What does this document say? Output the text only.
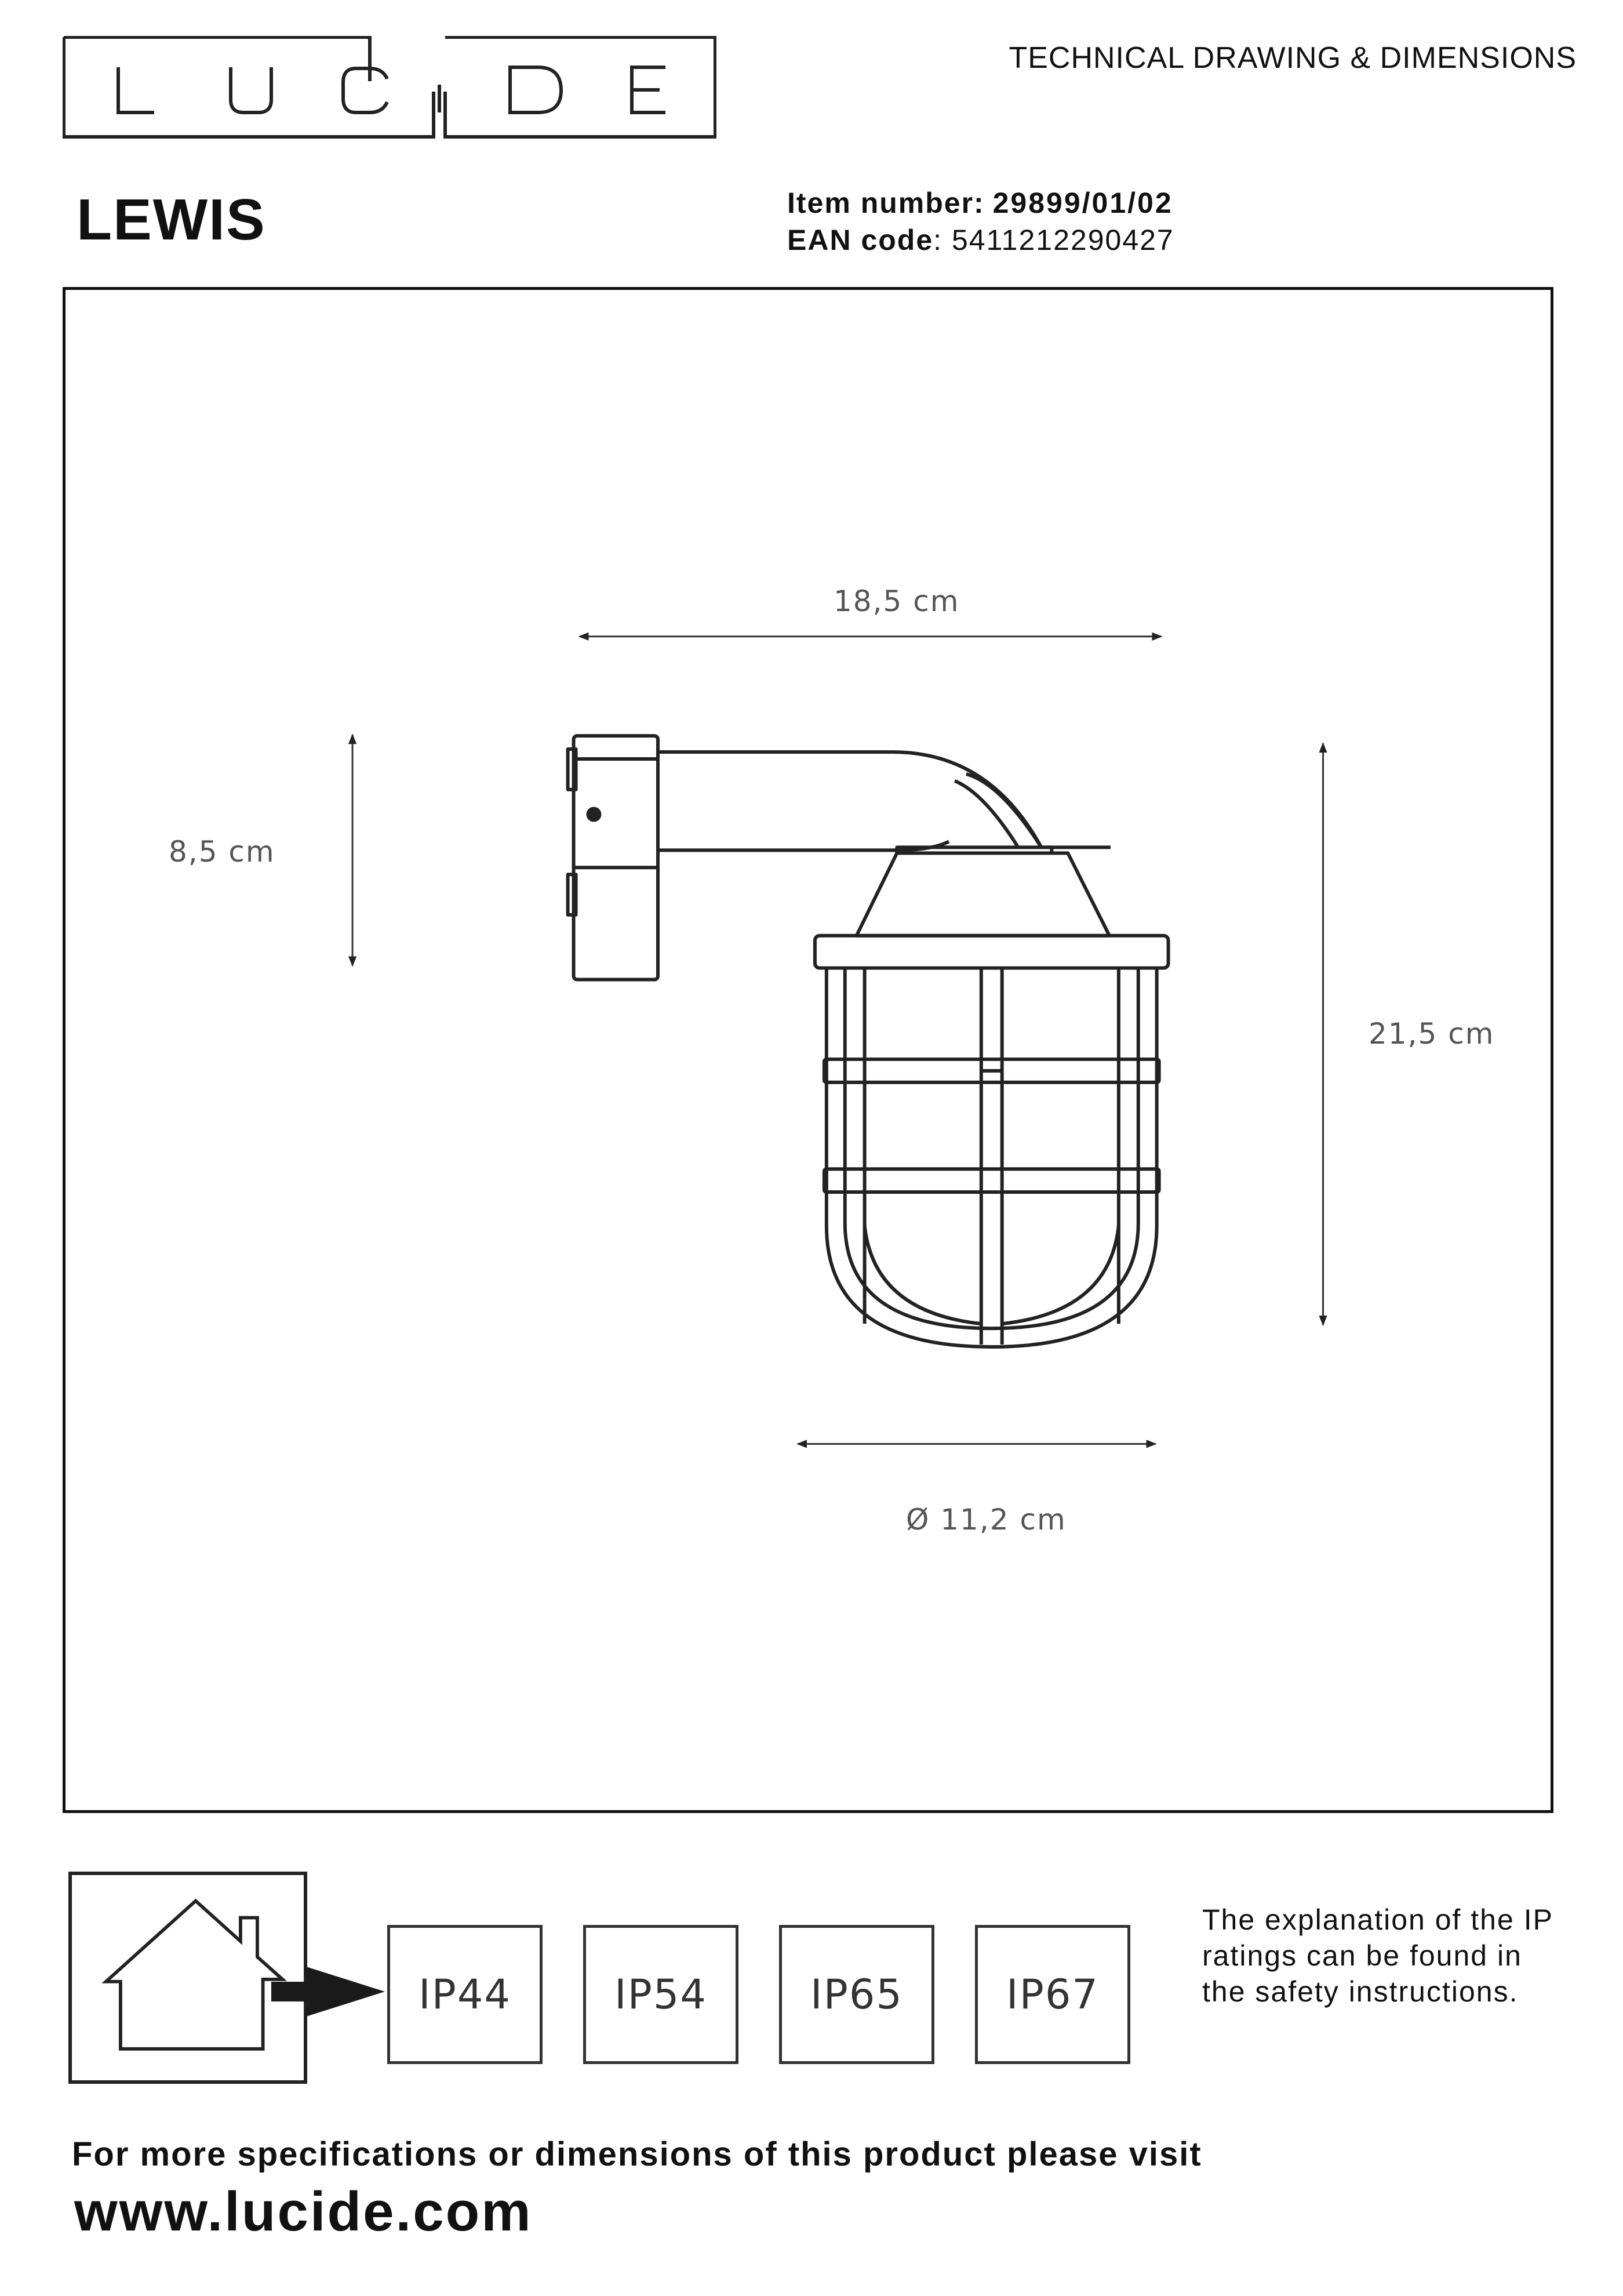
TECHNICAL DRAWING & DIMENSIONS
LEWIS	Item number: 29899/01/02
EAN code: 5411212290427
18,5 cm
8,5 cm
21,5 cm
Ø 11,2 cm
IP44	IP54	IP65	IP67
The explanation of the IP ratings can be found in the safety instructions.
For more specifications or dimensions of this product please visit
www.lucide.com
